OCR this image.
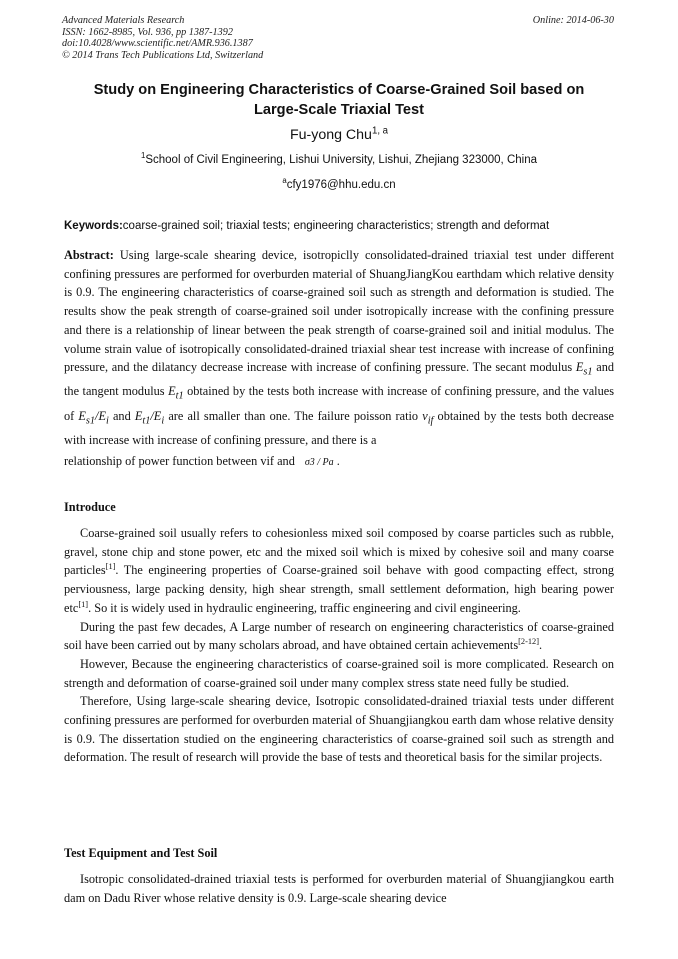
Advanced Materials Research
ISSN: 1662-8985, Vol. 936, pp 1387-1392
doi:10.4028/www.scientific.net/AMR.936.1387
© 2014 Trans Tech Publications Ltd, Switzerland
Online: 2014-06-30
Study on Engineering Characteristics of Coarse-Grained Soil based on
Large-Scale Triaxial Test
Fu-yong Chu$^{1, a}$
$^1$School of Civil Engineering, Lishui University, Lishui, Zhejiang 323000, China
$^a$cfy1976@hhu.edu.cn
Keywords:coarse-grained soil; triaxial tests; engineering characteristics; strength and deformat
Abstract: Using large-scale shearing device, isotropiclly consolidated-drained triaxial test under different confining pressures are performed for overburden material of ShuangJiangKou earthdam which relative density is 0.9. The engineering characteristics of coarse-grained soil such as strength and deformation is studied. The results show the peak strength of coarse-grained soil under isotropically increase with the confining pressure and there is a relationship of linear between the peak strength of coarse-grained soil and initial modulus. The volume strain value of isotropically consolidated-drained triaxial shear test increase with increase of confining pressure, and the dilatancy decrease increase with increase of confining pressure. The secant modulus $E_{s1}$ and the tangent modulus $E_{t1}$ obtained by the tests both increase with increase of confining pressure, and the values of $E_{s1}/E_i$ and $E_{t1}/E_i$ are all smaller than one. The failure poisson ratio $v_{if}$ obtained by the tests both decrease with increase with increase of confining pressure, and there is a
relationship of power function between vif and σ3 / Pa .
Introduce

Coarse-grained soil usually refers to cohesionless mixed soil composed by coarse particles such as rubble, gravel, stone chip and stone power, etc and the mixed soil which is mixed by cohesive soil and many coarse particles[1]. The engineering properties of Coarse-grained soil behave with good compacting effect, strong perviousness, large packing density, high shear strength, small settlement deformation, high bearing power etc[1]. So it is widely used in hydraulic engineering, traffic engineering and civil engineering.

During the past few decades, A Large number of research on engineering characteristics of coarse-grained soil have been carried out by many scholars abroad, and have obtained certain achievements[2-12].

However, Because the engineering characteristics of coarse-grained soil is more complicated. Research on strength and deformation of coarse-grained soil under many complex stress state need fully be studied.

Therefore, Using large-scale shearing device, Isotropic consolidated-drained triaxial tests under different confining pressures are performed for overburden material of Shuangjiangkou earth dam whose relative density is 0.9. The dissertation studied on the engineering characteristics of coarse-grained soil such as strength and deformation. The result of research will provide the base of tests and theoretical basis for the similar projects.

Test Equipment and Test Soil

Isotropic consolidated-drained triaxial tests is performed for overburden material of Shuangjiangkou earth dam on Dadu River whose relative density is 0.9. Large-scale shearing device
